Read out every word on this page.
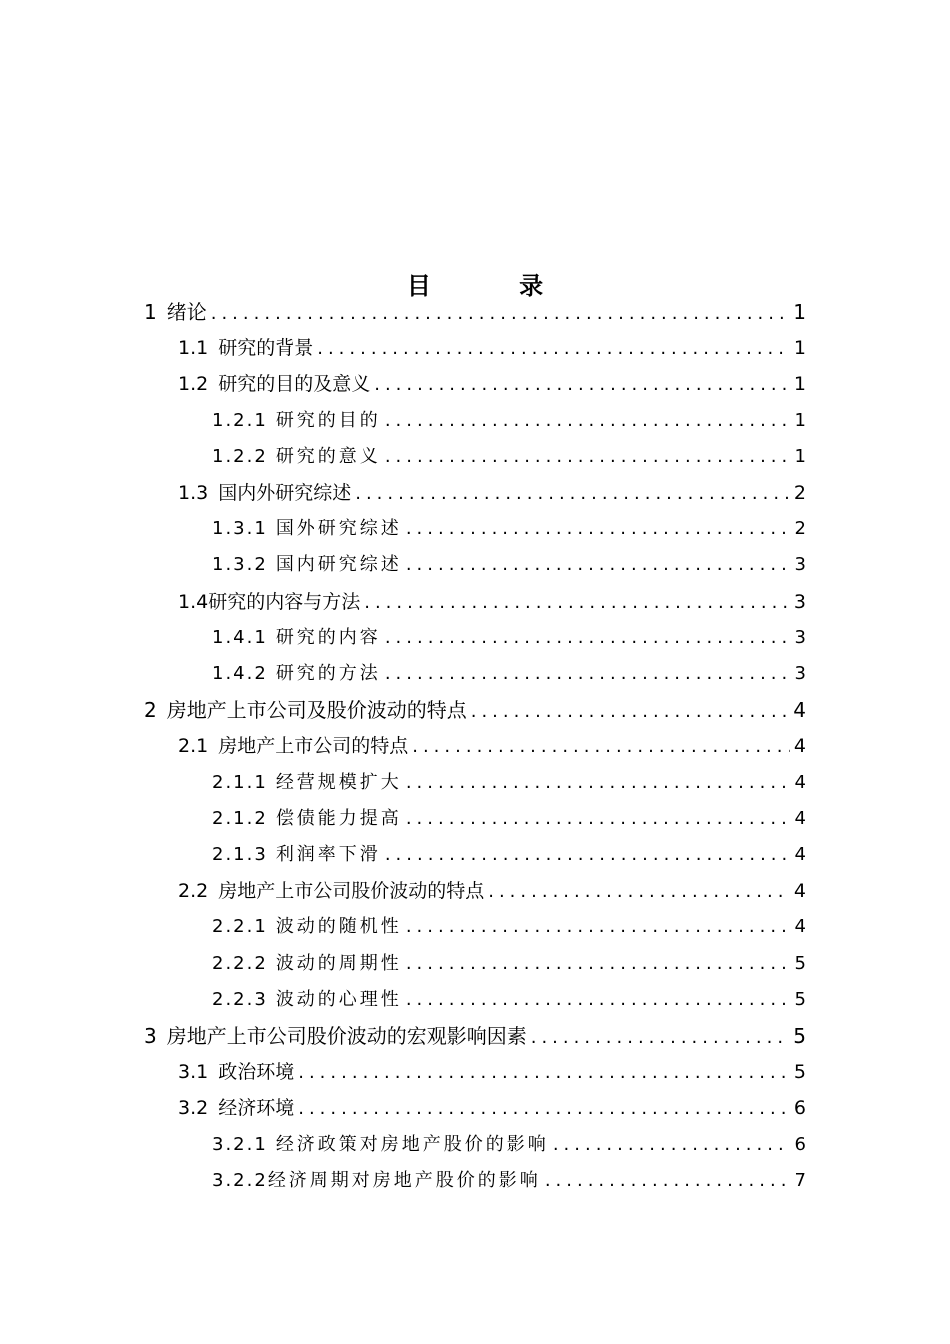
目 录
1 绪论 .....	1
1.1 研究的背景 .....	1
1.2 研究的目的及意义 .....	1
1.2.1 研究的目的 .....	1
1.2.2 研究的意义 .....	1
1.3 国内外研究综述 .....	2
1.3.1 国外研究综述 .....	2
1.3.2 国内研究综述 .....	3
1.4 研究的内容与方法 .....	3
1.4.1 研究的内容 .....	3
1.4.2 研究的方法 .....	3
2 房地产上市公司及股价波动的特点 .....	4
2.1 房地产上市公司的特点 .....	4
2.1.1 经营规模扩大 .....	4
2.1.2 偿债能力提高 .....	4
2.1.3 利润率下滑 .....	4
2.2 房地产上市公司股价波动的特点 .....	4
2.2.1 波动的随机性 .....	4
2.2.2 波动的周期性 .....	5
2.2.3 波动的心理性 .....	5
3 房地产上市公司股价波动的宏观影响因素 .....	5
3.1 政治环境 .....	5
3.2 经济环境 .....	6
3.2.1 经济政策对房地产股价的影响 .....	6
3.2.2 经济周期对房地产股价的影响 .....	7
